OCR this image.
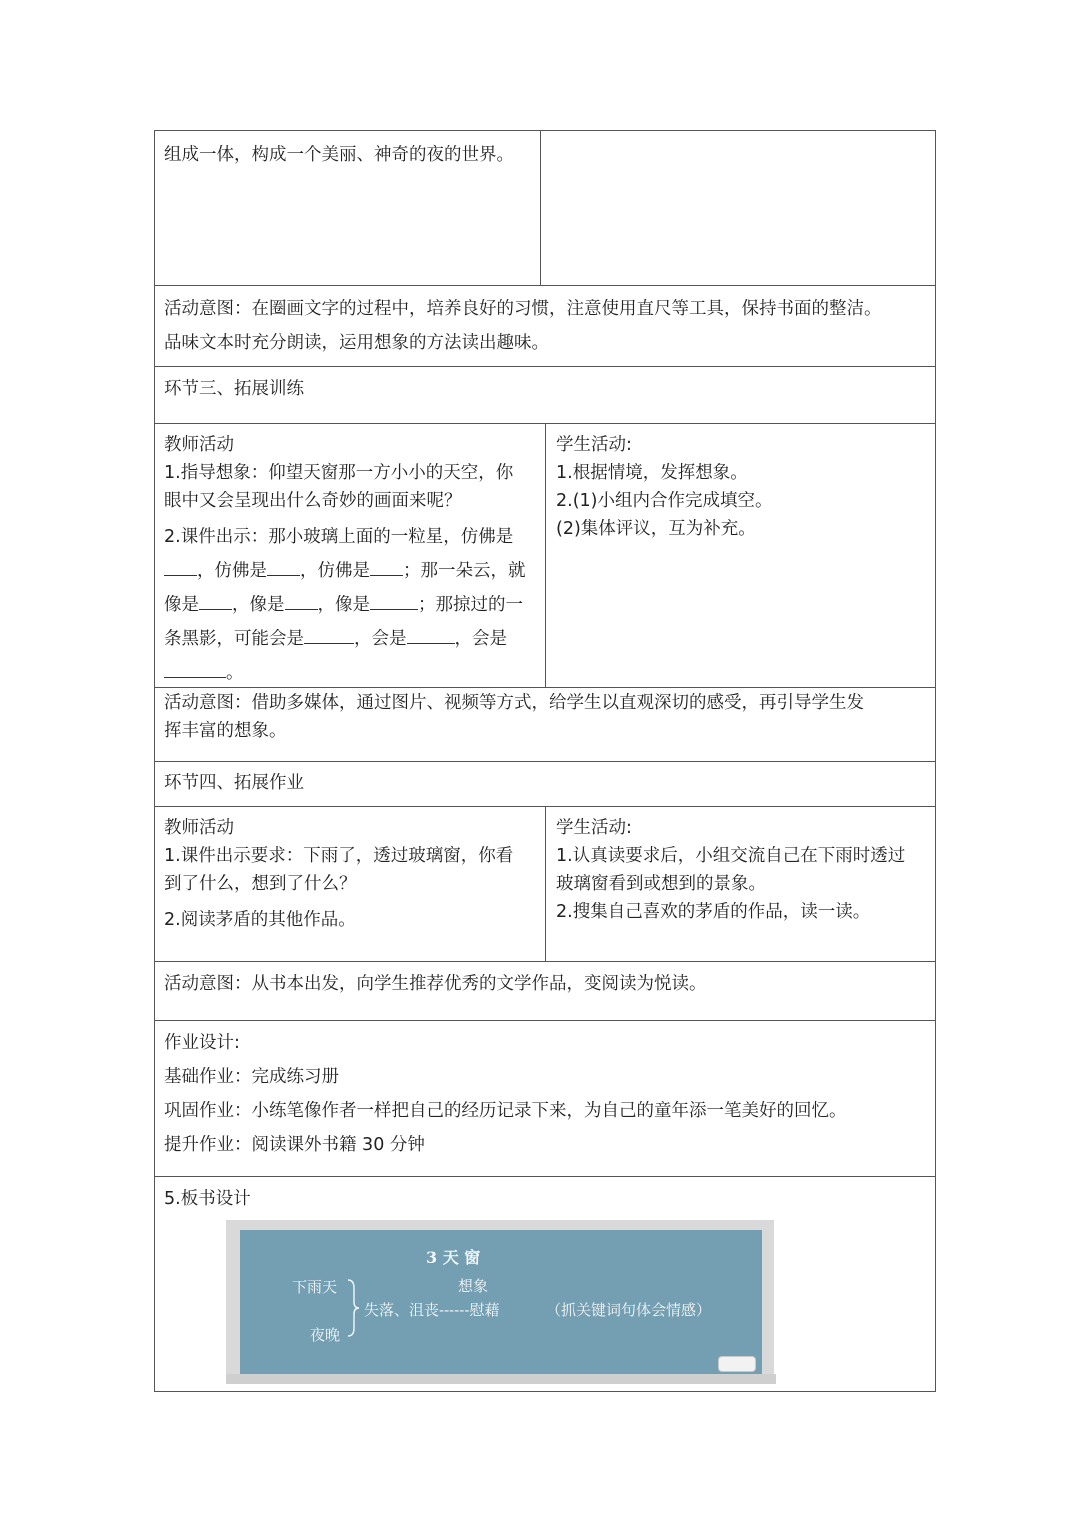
组成一体，构成一个美丽、神奇的夜的世界。
活动意图：在圈画文字的过程中，培养良好的习惯，注意使用直尺等工具，保持书面的整洁。
品味文本时充分朗读，运用想象的方法读出趣味。
环节三、拓展训练
教师活动
1.指导想象：仰望天窗那一方小小的天空，你
眼中又会呈现出什么奇妙的画面来呢？
2.课件出示：那小玻璃上面的一粒星，仿佛是
，仿佛是 ，仿佛是 ；那一朵云，就
像是 ，像是 ，像是	；那掠过的一
条黑影，可能会是	，会是	，会是
。
学生活动:
1.根据情境，发挥想象。
2.(1)小组内合作完成填空。
(2)集体评议，互为补充。
活动意图：借助多媒体，通过图片、视频等方式，给学生以直观深切的感受，再引导学生发
挥丰富的想象。
环节四、拓展作业
教师活动
1.课件出示要求：下雨了，透过玻璃窗，你看
到了什么，想到了什么？
2.阅读茅盾的其他作品。
学生活动:
1.认真读要求后，小组交流自己在下雨时透过
玻璃窗看到或想到的景象。
2.搜集自己喜欢的茅盾的作品，读一读。
活动意图：从书本出发，向学生推荐优秀的文学作品，变阅读为悦读。
作业设计:
基础作业：完成练习册
巩固作业：小练笔像作者一样把自己的经历记录下来，为自己的童年添一笔美好的回忆。
提升作业：阅读课外书籍 30 分钟
5.板书设计
3 天 窗
想象
下雨天
夜晚
失落、沮丧------慰藉	（抓关键词句体会情感）
